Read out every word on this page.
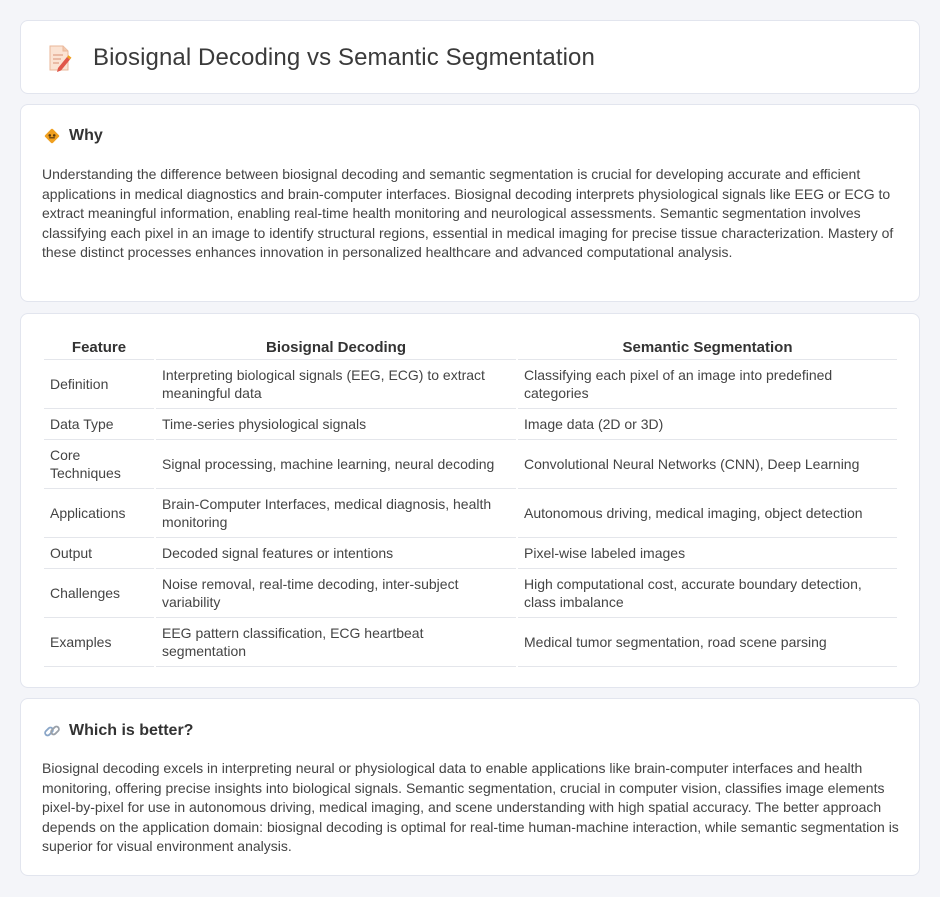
Biosignal Decoding vs Semantic Segmentation
Why

Understanding the difference between biosignal decoding and semantic segmentation is crucial for developing accurate and efficient applications in medical diagnostics and brain-computer interfaces. Biosignal decoding interprets physiological signals like EEG or ECG to extract meaningful information, enabling real-time health monitoring and neurological assessments. Semantic segmentation involves classifying each pixel in an image to identify structural regions, essential in medical imaging for precise tissue characterization. Mastery of these distinct processes enhances innovation in personalized healthcare and advanced computational analysis.

Feature	Biosignal Decoding	Semantic Segmentation
Definition	Interpreting biological signals (EEG, ECG) to extract meaningful data	Classifying each pixel of an image into predefined categories
Data Type	Time-series physiological signals	Image data (2D or 3D)
Core Techniques	Signal processing, machine learning, neural decoding	Convolutional Neural Networks (CNN), Deep Learning
Applications	Brain-Computer Interfaces, medical diagnosis, health monitoring	Autonomous driving, medical imaging, object detection
Output	Decoded signal features or intentions	Pixel-wise labeled images
Challenges	Noise removal, real-time decoding, inter-subject variability	High computational cost, accurate boundary detection, class imbalance
Examples	EEG pattern classification, ECG heartbeat segmentation	Medical tumor segmentation, road scene parsing
Which is better?

Biosignal decoding excels in interpreting neural or physiological data to enable applications like brain-computer interfaces and health monitoring, offering precise insights into biological signals. Semantic segmentation, crucial in computer vision, classifies image elements pixel-by-pixel for use in autonomous driving, medical imaging, and scene understanding with high spatial accuracy. The better approach depends on the application domain: biosignal decoding is optimal for real-time human-machine interaction, while semantic segmentation is superior for visual environment analysis.
